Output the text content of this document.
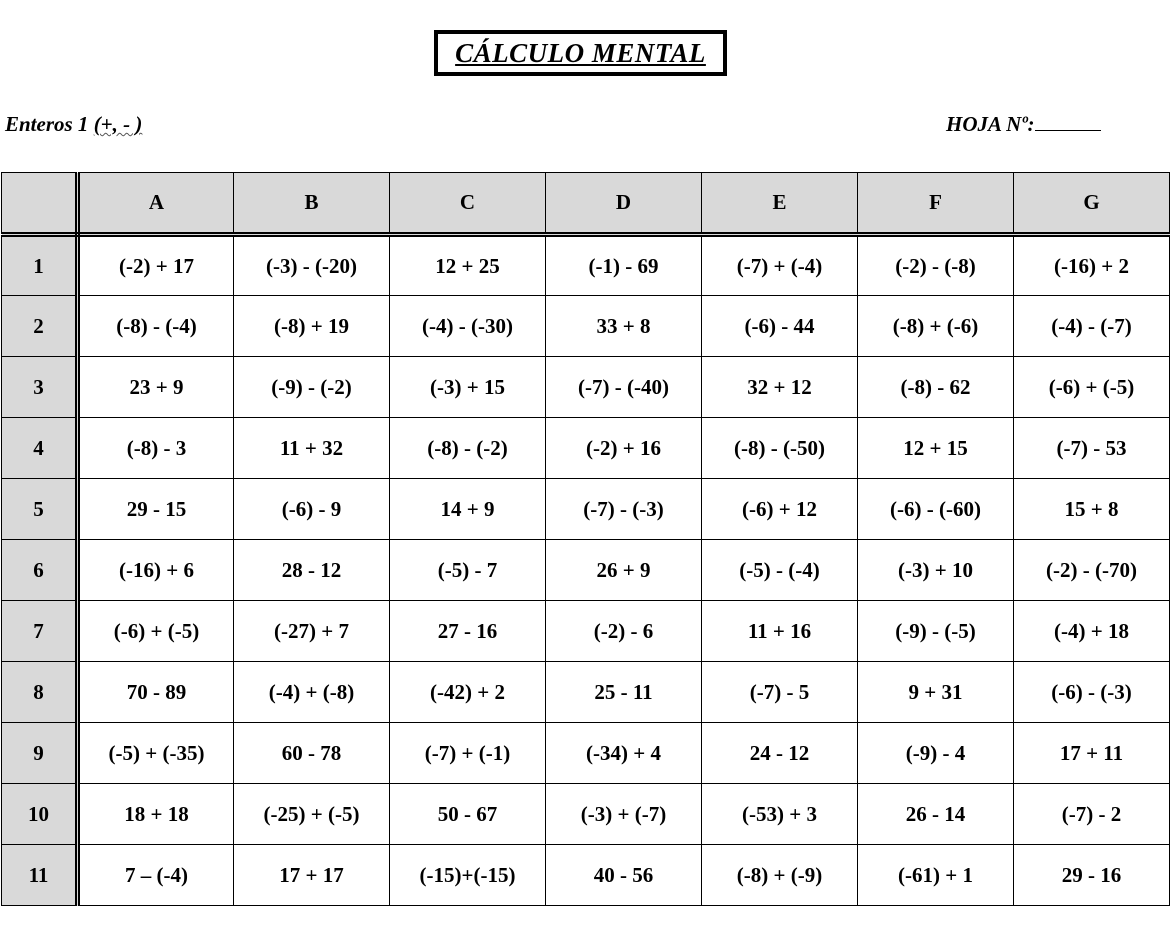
CÁLCULO MENTAL
Enteros 1 (+, - )	HOJA Nº:
	A	B	C	D	E	F	G
1	(-2) + 17	(-3) - (-20)	12 + 25	(-1) - 69	(-7) + (-4)	(-2) - (-8)	(-16) + 2
2	(-8) - (-4)	(-8) + 19	(-4) - (-30)	33 + 8	(-6) - 44	(-8) + (-6)	(-4) - (-7)
3	23 + 9	(-9) - (-2)	(-3) + 15	(-7) - (-40)	32 + 12	(-8) - 62	(-6) + (-5)
4	(-8) - 3	11 + 32	(-8) - (-2)	(-2) + 16	(-8) - (-50)	12 + 15	(-7) - 53
5	29 - 15	(-6) - 9	14 + 9	(-7) - (-3)	(-6) + 12	(-6) - (-60)	15 + 8
6	(-16) + 6	28 - 12	(-5) - 7	26 + 9	(-5) - (-4)	(-3) + 10	(-2) - (-70)
7	(-6) + (-5)	(-27) + 7	27 - 16	(-2) - 6	11 + 16	(-9) - (-5)	(-4) + 18
8	70 - 89	(-4) + (-8)	(-42) + 2	25 - 11	(-7) - 5	9 + 31	(-6) - (-3)
9	(-5) + (-35)	60 - 78	(-7) + (-1)	(-34) + 4	24 - 12	(-9) - 4	17 + 11
10	18 + 18	(-25) + (-5)	50 - 67	(-3) + (-7)	(-53) + 3	26 - 14	(-7) - 2
11	7 – (-4)	17 + 17	(-15)+(-15)	40 - 56	(-8) + (-9)	(-61) + 1	29 - 16
